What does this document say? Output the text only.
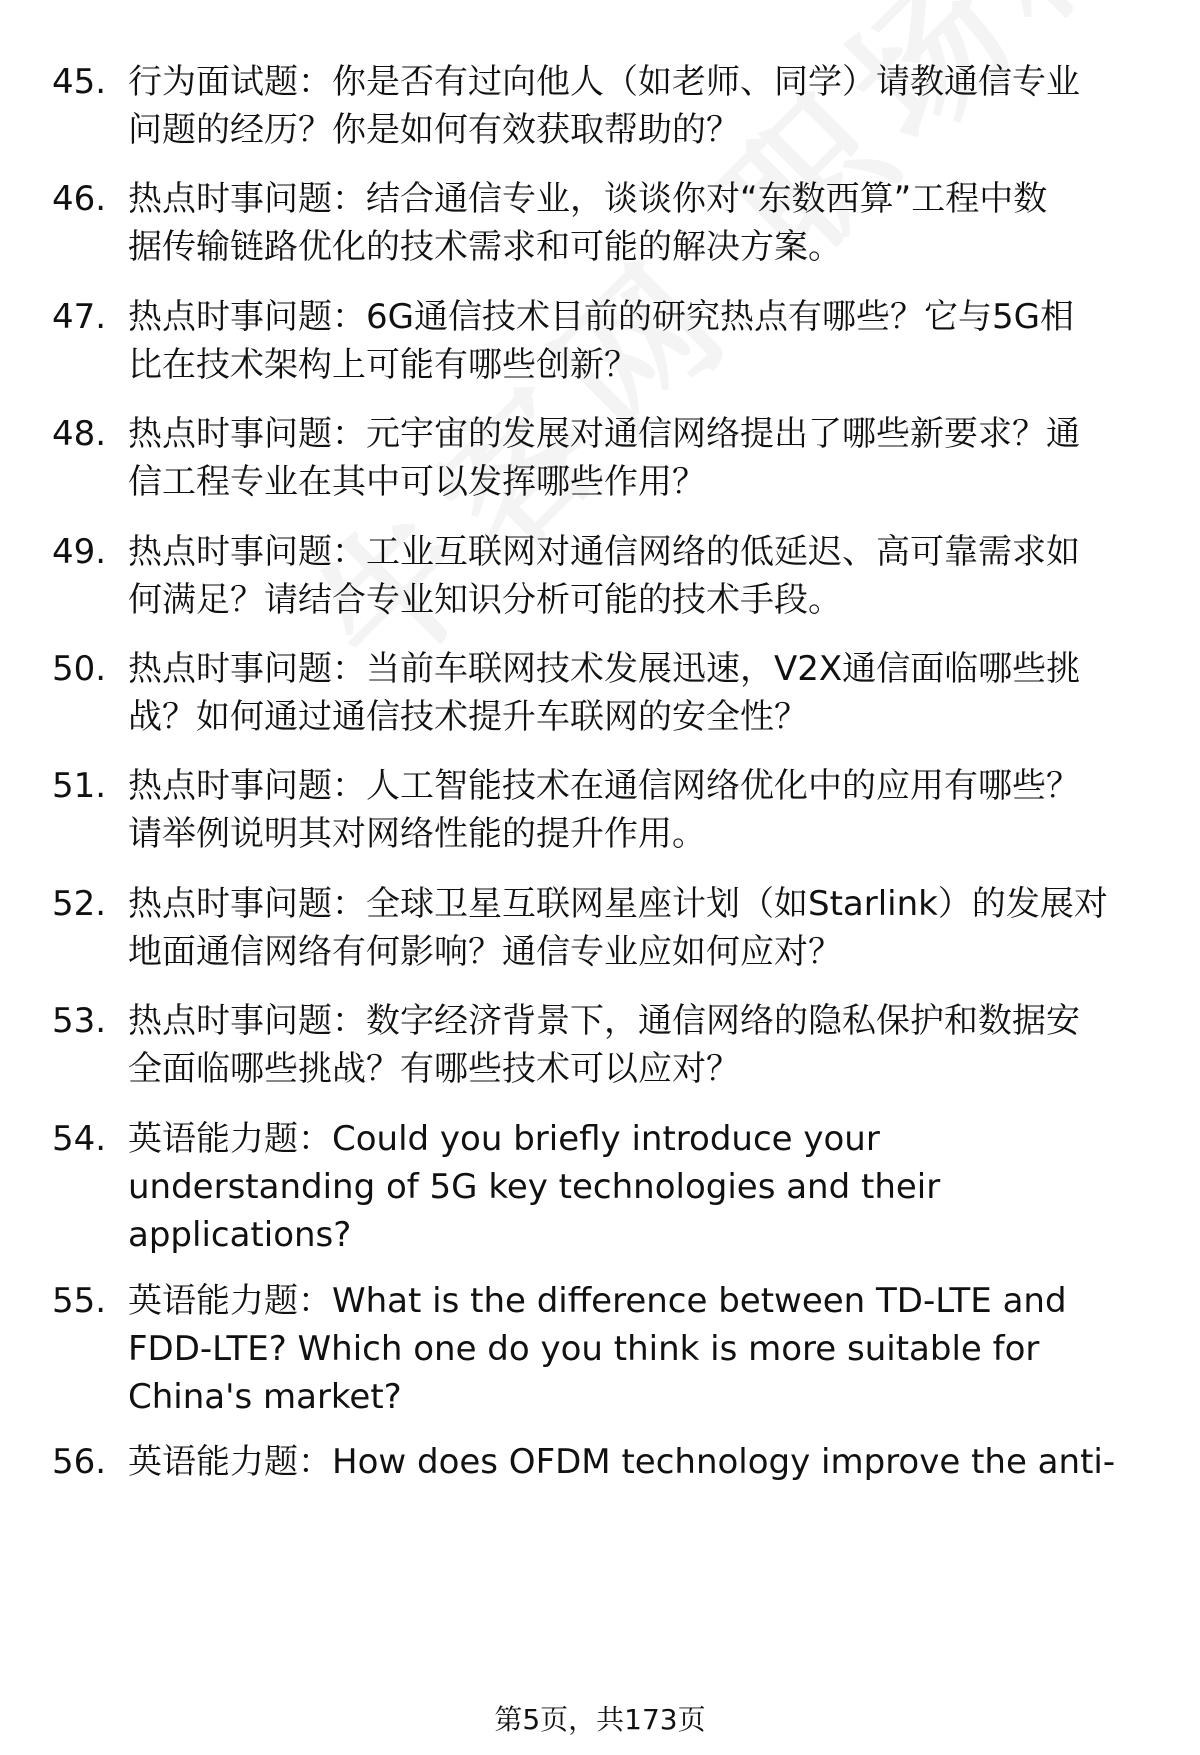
45. 行为面试题：你是否有过向他人（如老师、同学）请教通信专业
问题的经历？你是如何有效获取帮助的？
46. 热点时事问题：结合通信专业，谈谈你对“东数西算”工程中数
据传输链路优化的技术需求和可能的解决方案。
47. 热点时事问题：6G通信技术目前的研究热点有哪些？它与5G相
比在技术架构上可能有哪些创新？
48. 热点时事问题：元宇宙的发展对通信网络提出了哪些新要求？通
信工程专业在其中可以发挥哪些作用？
49. 热点时事问题：工业互联网对通信网络的低延迟、高可靠需求如
何满足？请结合专业知识分析可能的技术手段。
50. 热点时事问题：当前车联网技术发展迅速，V2X通信面临哪些挑
战？如何通过通信技术提升车联网的安全性？
51. 热点时事问题：人工智能技术在通信网络优化中的应用有哪些？
请举例说明其对网络性能的提升作用。
52. 热点时事问题：全球卫星互联网星座计划（如Starlink）的发展对
地面通信网络有何影响？通信专业应如何应对？
53. 热点时事问题：数字经济背景下，通信网络的隐私保护和数据安
全面临哪些挑战？有哪些技术可以应对？
54. 英语能力题：Could you briefly introduce your
understanding of 5G key technologies and their
applications?
55. 英语能力题：What is the difference between TD-LTE and
FDD-LTE? Which one do you think is more suitable for
China's market?
56. 英语能力题：How does OFDM technology improve the anti-
第5页，共173页
